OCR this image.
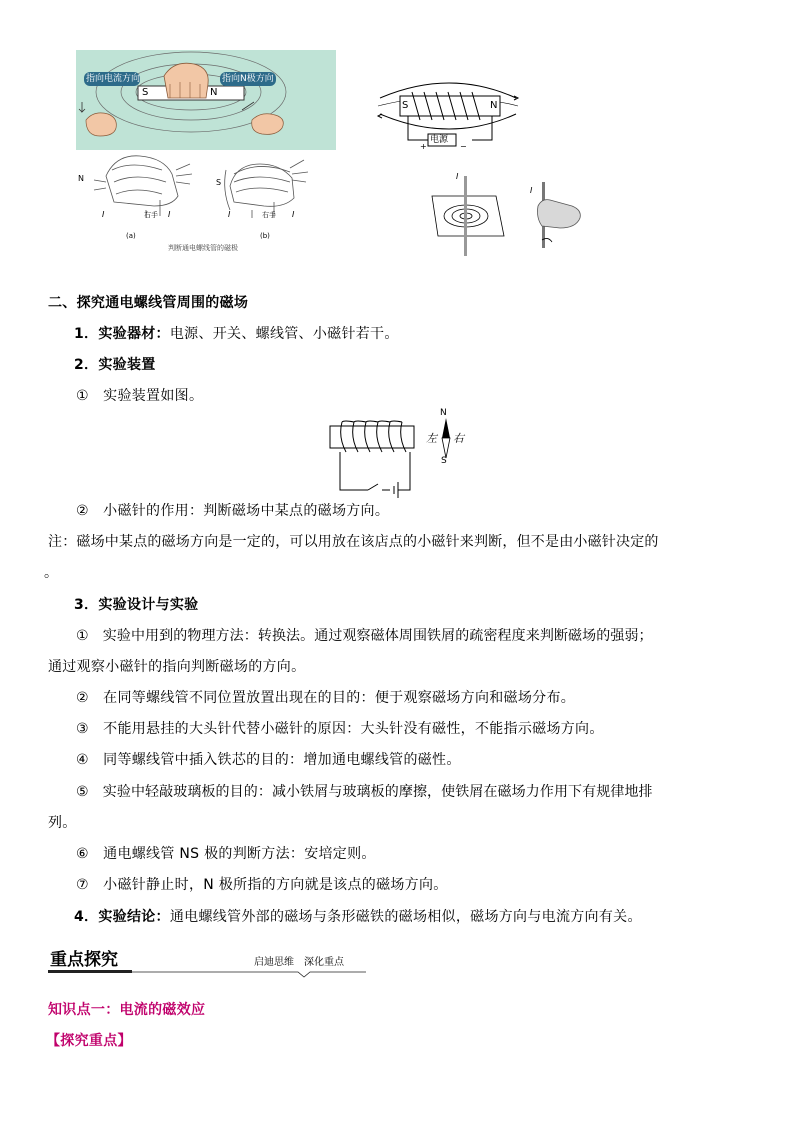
指向电流方向	指向N极方向
S	N
N	S
I	I
右手	I	I
右手
(a)	(b)
判断通电螺线管的磁极
S	N
电源
+	−
I
I
二、探究通电螺线管周围的磁场
1．实验器材：电源、开关、螺线管、小磁针若干。
2．实验装置
①　实验装置如图。
N
S
左 右
②　小磁针的作用：判断磁场中某点的磁场方向。
注：磁场中某点的磁场方向是一定的，可以用放在该店点的小磁针来判断，但不是由小磁针决定的
。
3．实验设计与实验
①　实验中用到的物理方法：转换法。通过观察磁体周围铁屑的疏密程度来判断磁场的强弱；
通过观察小磁针的指向判断磁场的方向。
②　在同等螺线管不同位置放置出现在的目的：便于观察磁场方向和磁场分布。
③　不能用悬挂的大头针代替小磁针的原因：大头针没有磁性，不能指示磁场方向。
④　同等螺线管中插入铁芯的目的：增加通电螺线管的磁性。
⑤　实验中轻敲玻璃板的目的：减小铁屑与玻璃板的摩擦，使铁屑在磁场力作用下有规律地排
列。
⑥　通电螺线管 NS 极的判断方法：安培定则。
⑦　小磁针静止时，N 极所指的方向就是该点的磁场方向。
4．实验结论：通电螺线管外部的磁场与条形磁铁的磁场相似，磁场方向与电流方向有关。
重点探究	启迪思维　深化重点
知识点一：电流的磁效应
【探究重点】
